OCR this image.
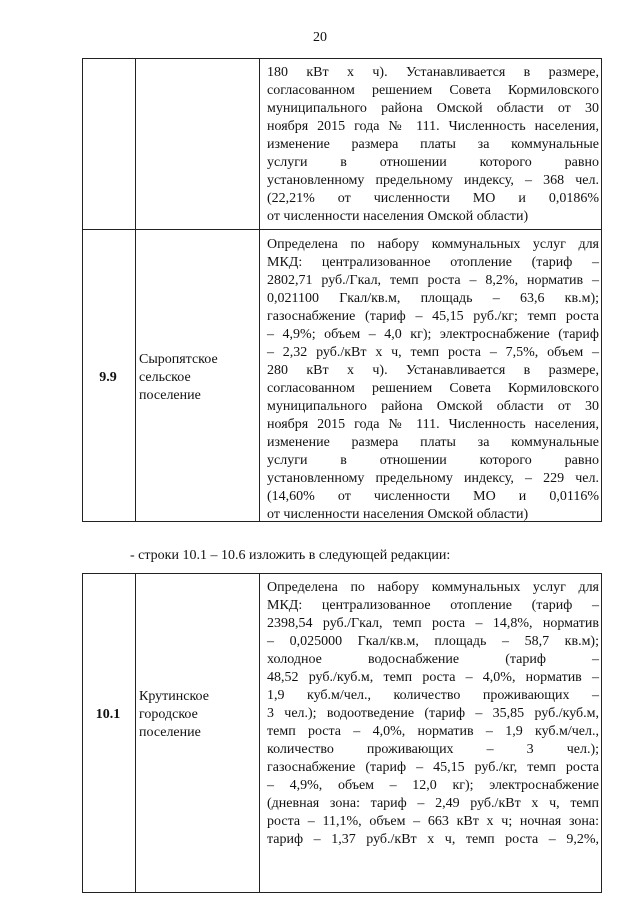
20
180 кВт х ч). Устанавливается в размере,
согласованном решением Совета Кормиловского
муниципального района Омской области от 30
ноября 2015 года № 111. Численность населения,
изменение размера платы за коммунальные
услуги в отношении которого равно
установленному предельному индексу, – 368 чел.
(22,21% от численности МО и 0,0186%
от численности населения Омской области)
9.9
Сыропятское
сельское
поселение
Определена по набору коммунальных услуг для
МКД: централизованное отопление (тариф –
2802,71 руб./Гкал, темп роста – 8,2%, норматив –
0,021100 Гкал/кв.м, площадь – 63,6 кв.м);
газоснабжение (тариф – 45,15 руб./кг; темп роста
– 4,9%; объем – 4,0 кг); электроснабжение (тариф
– 2,32 руб./кВт х ч, темп роста – 7,5%, объем –
280 кВт х ч). Устанавливается в размере,
согласованном решением Совета Кормиловского
муниципального района Омской области от 30
ноября 2015 года № 111. Численность населения,
изменение размера платы за коммунальные
услуги в отношении которого равно
установленному предельному индексу, – 229 чел.
(14,60% от численности МО и 0,0116%
от численности населения Омской области)
- строки 10.1 – 10.6 изложить в следующей редакции:
10.1
Крутинское
городское
поселение
Определена по набору коммунальных услуг для
МКД: централизованное отопление (тариф –
2398,54 руб./Гкал, темп роста – 14,8%, норматив
– 0,025000 Гкал/кв.м, площадь – 58,7 кв.м);
холодное водоснабжение (тариф –
48,52 руб./куб.м, темп роста – 4,0%, норматив –
1,9 куб.м/чел., количество проживающих –
3 чел.); водоотведение (тариф – 35,85 руб./куб.м,
темп роста – 4,0%, норматив – 1,9 куб.м/чел.,
количество проживающих – 3 чел.);
газоснабжение (тариф – 45,15 руб./кг, темп роста
– 4,9%, объем – 12,0 кг); электроснабжение
(дневная зона: тариф – 2,49 руб./кВт х ч, темп
роста – 11,1%, объем – 663 кВт х ч; ночная зона:
тариф – 1,37 руб./кВт х ч, темп роста – 9,2%,
